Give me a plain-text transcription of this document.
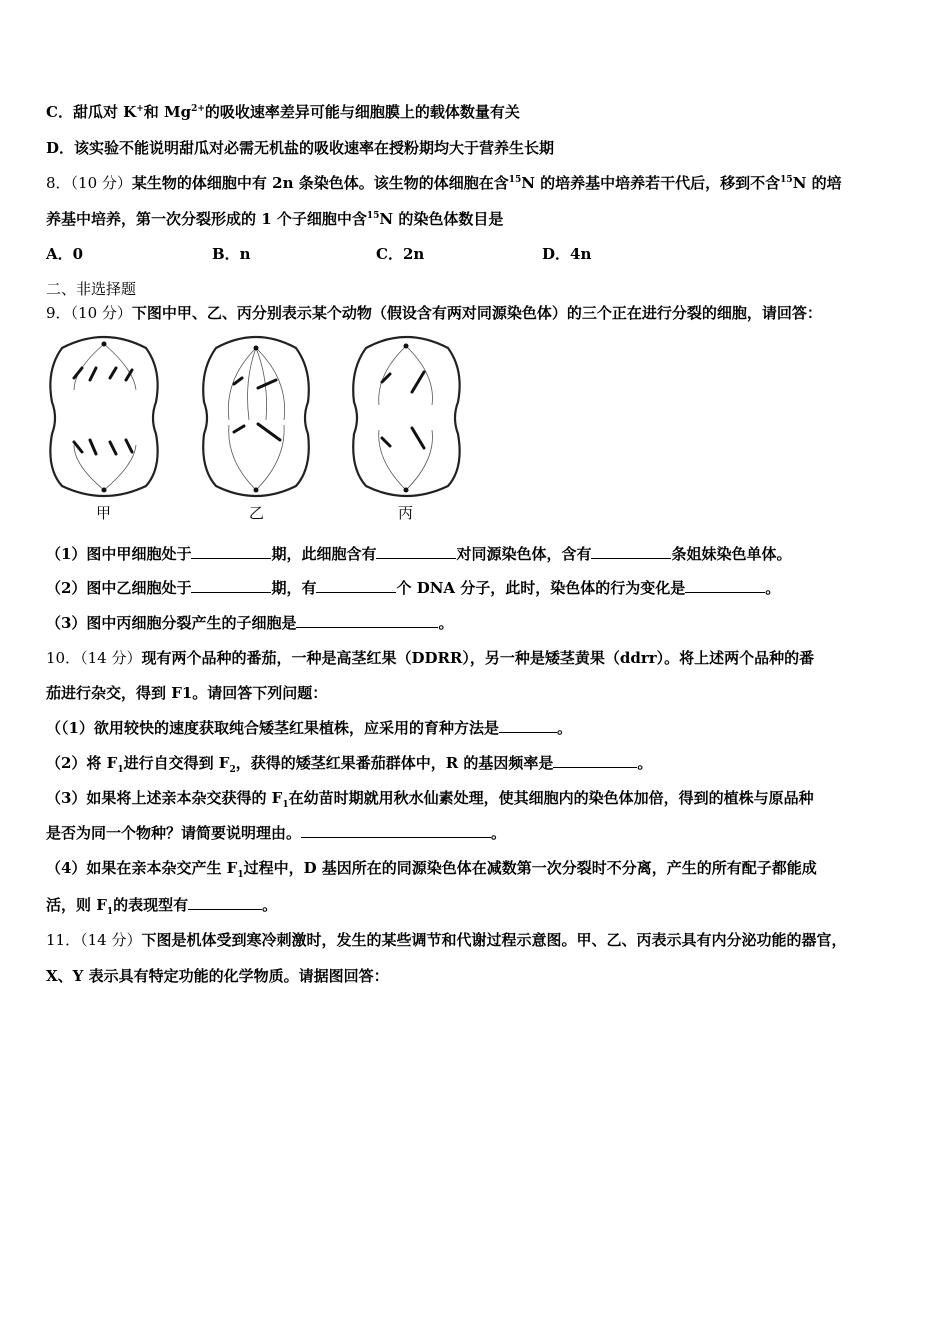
C．甜瓜对 K+和 $Mg^{2+}$的吸收速率差异可能与细胞膜上的载体数量有关
D．该实验不能说明甜瓜对必需无机盐的吸收速率在授粉期均大于营养生长期
8．（10 分）某生物的体细胞中有 2n 条染色体。该生物的体细胞在含$^{15}$N 的培养基中培养若干代后，移到不含$^{15}$N 的培
养基中培养，第一次分裂形成的 1 个子细胞中含$^{15}$N 的染色体数目是
A．0	B．n	C．2n	D．4n
二、非选择题
9．（10 分）下图中甲、乙、丙分别表示某个动物（假设含有两对同源染色体）的三个正在进行分裂的细胞，请回答：
甲	乙	丙
（1）图中甲细胞处于	期，此细胞含有	对同源染色体，含有	条姐妹染色单体。
（2）图中乙细胞处于	期，有	个 DNA 分子，此时，染色体的行为变化是	。
（3）图中丙细胞分裂产生的子细胞是	。
10．（14 分）现有两个品种的番茄，一种是高茎红果（DDRR），另一种是矮茎黄果（ddrr）。将上述两个品种的番
茄进行杂交，得到 F1。请回答下列问题：
（（1）欲用较快的速度获取纯合矮茎红果植株，应采用的育种方法是	。
（2）将 $F_1$进行自交得到 $F_2$，获得的矮茎红果番茄群体中，R 的基因频率是	。
（3）如果将上述亲本杂交获得的 $F_1$在幼苗时期就用秋水仙素处理，使其细胞内的染色体加倍，得到的植株与原品种
是否为同一个物种？请简要说明理由。	。
（4）如果在亲本杂交产生 $F_1$过程中，D 基因所在的同源染色体在减数第一次分裂时不分离，产生的所有配子都能成
活，则 $F_1$的表现型有	。
11．（14 分）下图是机体受到寒冷刺激时，发生的某些调节和代谢过程示意图。甲、乙、丙表示具有内分泌功能的器官，
X、Y 表示具有特定功能的化学物质。请据图回答：
